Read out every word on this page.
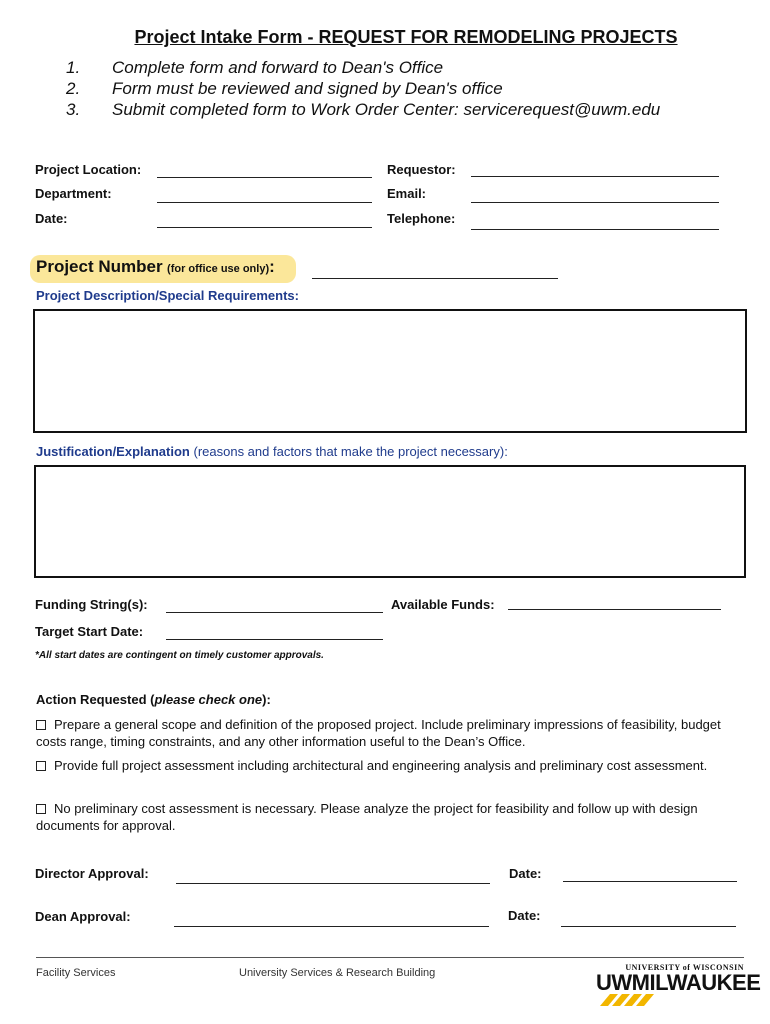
Project Intake Form - REQUEST FOR REMODELING PROJECTS
1. Complete form and forward to Dean's Office
2. Form must be reviewed and signed by Dean's office
3. Submit completed form to Work Order Center: servicerequest@uwm.edu
Project Location:
Department:
Date:
Requestor:
Email:
Telephone:
Project Number (for office use only):
Project Description/Special Requirements:
Justification/Explanation (reasons and factors that make the project necessary):
Funding String(s):	Available Funds:
Target Start Date:
*All start dates are contingent on timely customer approvals.
Action Requested (please check one):
Prepare a general scope and definition of the proposed project. Include preliminary impressions of feasibility, budget costs range, timing constraints, and any other information useful to the Dean’s Office.
Provide full project assessment including architectural and engineering analysis and preliminary cost assessment.
No preliminary cost assessment is necessary. Please analyze the project for feasibility and follow up with design documents for approval.
Director Approval:	Date:
Dean Approval:	Date:
Facility Services	University Services & Research Building	UNIVERSITY of WISCONSIN
UWMILWAUKEE
